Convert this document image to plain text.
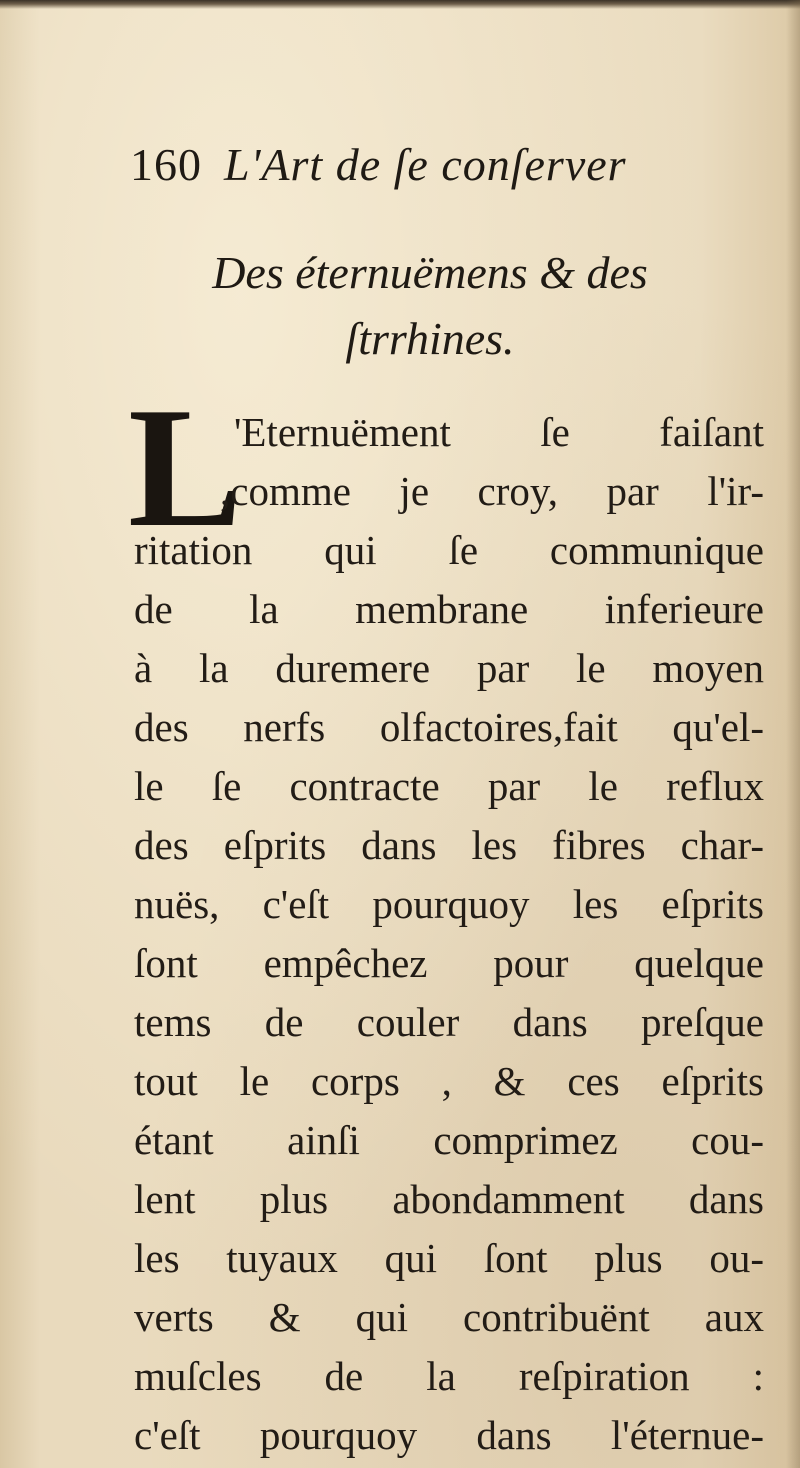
160 L'Art de ſe conſerver
Des éternuëmens & des
ſtrrhines.
L
'Eternuëment ſe faiſant
,comme je croy, par l'ir-
ritation qui ſe communique
de la membrane inferieure
à la duremere par le moyen
des nerfs olfactoires,fait qu'el-
le ſe contracte par le reflux
des eſprits dans les fibres char-
nuës, c'eſt pourquoy les eſprits
ſont empêchez pour quelque
tems de couler dans preſque
tout le corps , & ces eſprits
étant ainſi comprimez cou-
lent plus abondamment dans
les tuyaux qui ſont plus ou-
verts & qui contribuënt aux
muſcles de la reſpiration :
c'eſt pourquoy dans l'éternue-
